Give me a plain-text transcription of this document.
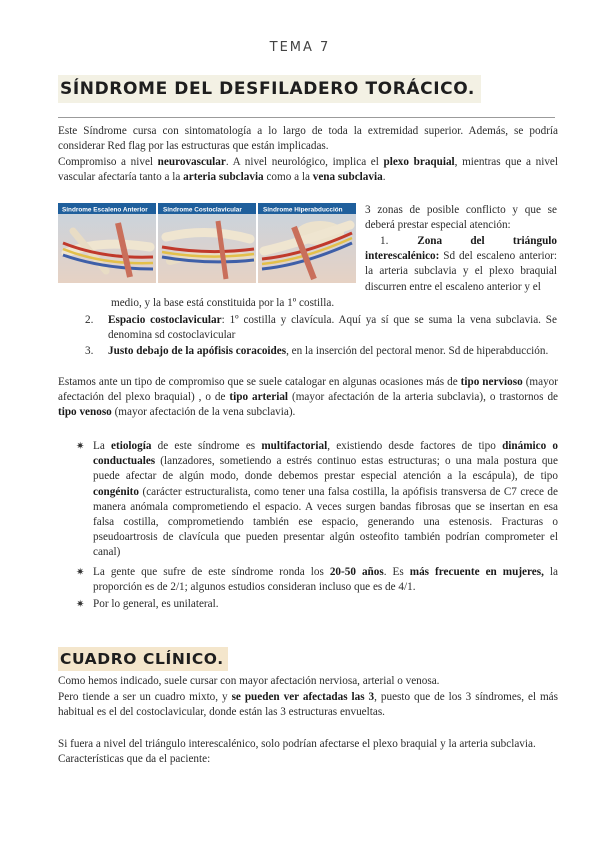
TEMA 7
SÍNDROME DEL DESFILADERO TORÁCICO.

Este Síndrome cursa con sintomatología a lo largo de toda la extremidad superior. Además, se podría considerar Red flag por las estructuras que están implicadas.

Compromiso a nivel neurovascular. A nivel neurológico, implica el plexo braquial, mientras que a nivel vascular afectaría tanto a la arteria subclavia como a la vena subclavia.

Síndrome Escaleno Anterior Síndrome Costoclavicular	Síndrome Hiperabducción 3 zonas de posible conflicto y que se deberá prestar especial atención:

1.	Zona del triángulo interescalénico: Sd del escaleno anterior: la arteria subclavia y el plexo braquial discurren entre el escaleno anterior y el

medio, y la base está constituida por la 1º costilla.

2.	Espacio costoclavicular: 1º costilla y clavícula. Aquí ya sí que se suma la vena subclavia. Se denomina sd costoclavicular

3.	Justo debajo de la apófisis coracoides, en la inserción del pectoral menor. Sd de hiperabducción.

Estamos ante un tipo de compromiso que se suele catalogar en algunas ocasiones más de tipo nervioso (mayor afectación del plexo braquial) , o de tipo arterial (mayor afectación de la arteria subclavia), o trastornos de tipo venoso (mayor afectación de la vena subclavia).

✷ La etiología de este síndrome es multifactorial, existiendo desde factores de tipo dinámico o conductuales (lanzadores, sometiendo a estrés continuo estas estructuras; o una mala postura que puede afectar de algún modo, donde debemos prestar especial atención a la escápula), de tipo congénito (carácter estructuralista, como tener una falsa costilla, la apófisis transversa de C7 crece de manera anómala comprometiendo el espacio. A veces surgen bandas fibrosas que se insertan en esa falsa costilla, comprometiendo también ese espacio, generando una estenosis. Fracturas o pseudoartrosis de clavícula que pueden presentar algún osteofito también podrían comprometer el canal)
✷ La gente que sufre de este síndrome ronda los 20-50 años. Es más frecuente en mujeres, la proporción es de 2/1; algunos estudios consideran incluso que es de 4/1.
✷ Por lo general, es unilateral.
CUADRO CLÍNICO.

Como hemos indicado, suele cursar con mayor afectación nerviosa, arterial o venosa.

Pero tiende a ser un cuadro mixto, y se pueden ver afectadas las 3, puesto que de los 3 síndromes, el más habitual es el del costoclavicular, donde están las 3 estructuras envueltas.

Si fuera a nivel del triángulo interescalénico, solo podrían afectarse el plexo braquial y la arteria subclavia.

Características que da el paciente:
